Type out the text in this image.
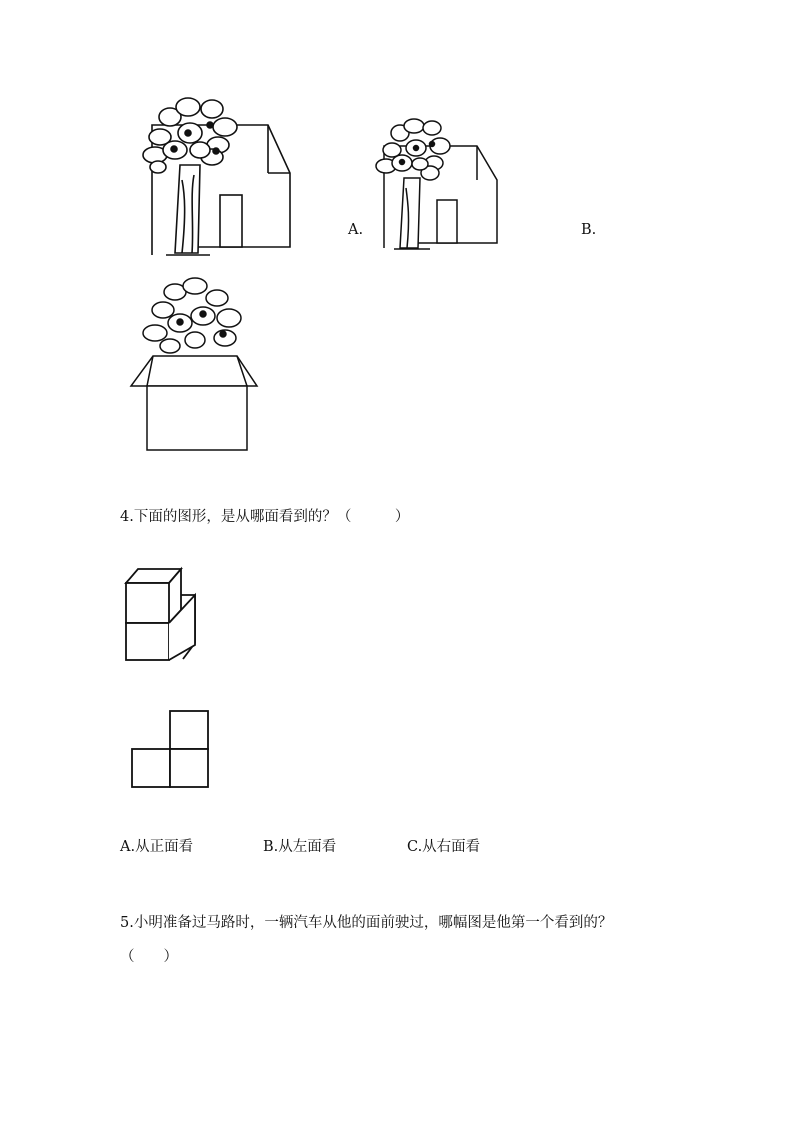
A.	B.
4.下面的图形，是从哪面看到的？（　　　）
A.从正面看	B.从左面看	C.从右面看
5.小明准备过马路时，一辆汽车从他的面前驶过，哪幅图是他第一个看到的？
（　　）
